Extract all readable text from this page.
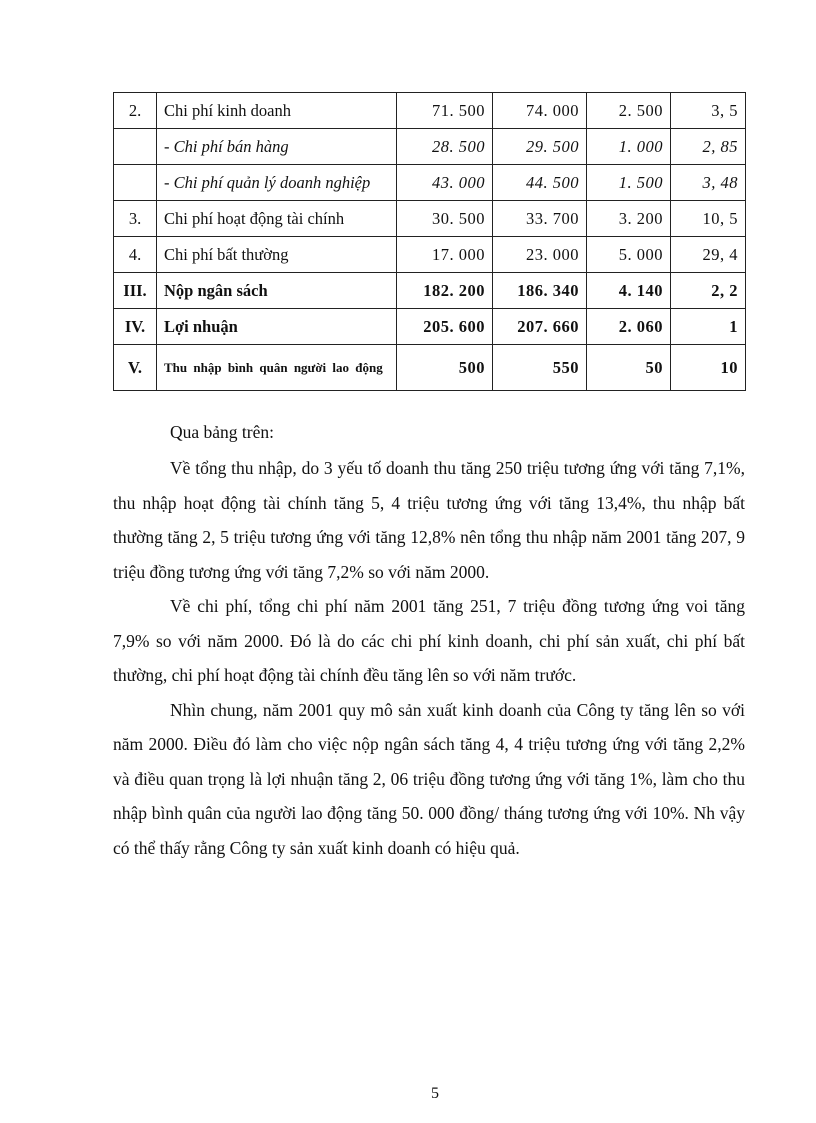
2.	Chi phí kinh doanh	71. 500	74. 000	2. 500	3, 5
	- Chi phí bán hàng	28. 500	29. 500	1. 000	2, 85
	- Chi phí quản lý doanh nghiệp	43. 000	44. 500	1. 500	3, 48
3.	Chi phí hoạt động tài chính	30. 500	33. 700	3. 200	10, 5
4.	Chi phí bất thường	17. 000	23. 000	5. 000	29, 4
III.	Nộp ngân sách	182. 200	186. 340	4. 140	2, 2
IV.	Lợi nhuận	205. 600	207. 660	2. 060	1
V.	Thu nhập bình quân người lao động	500	550	50	10

Qua bảng trên:

Về tổng thu nhập, do 3 yếu tố doanh thu tăng 250 triệu tương ứng với tăng 7,1%, thu nhập hoạt động tài chính tăng 5, 4 triệu tương ứng với tăng 13,4%, thu nhập bất thường tăng 2, 5 triệu tương ứng với tăng 12,8% nên tổng thu nhập năm 2001 tăng 207, 9 triệu đồng tương ứng với tăng 7,2% so với năm 2000.

Về chi phí, tổng chi phí năm 2001 tăng 251, 7 triệu đồng tương ứng voi tăng 7,9% so với năm 2000. Đó là do các chi phí kinh doanh, chi phí sản xuất, chi phí bất thường, chi phí hoạt động tài chính đều tăng lên so với năm trước.

Nhìn chung, năm 2001 quy mô sản xuất kinh doanh của Công ty tăng lên so với năm 2000. Điều đó làm cho việc nộp ngân sách tăng 4, 4 triệu tương ứng với tăng 2,2% và điều quan trọng là lợi nhuận tăng 2, 06 triệu đồng tương ứng với tăng 1%, làm cho thu nhập bình quân của người lao động tăng 50. 000 đồng/ tháng tương ứng với 10%. Nh vậy có thể thấy rằng Công ty sản xuất kinh doanh có hiệu quả.

5
